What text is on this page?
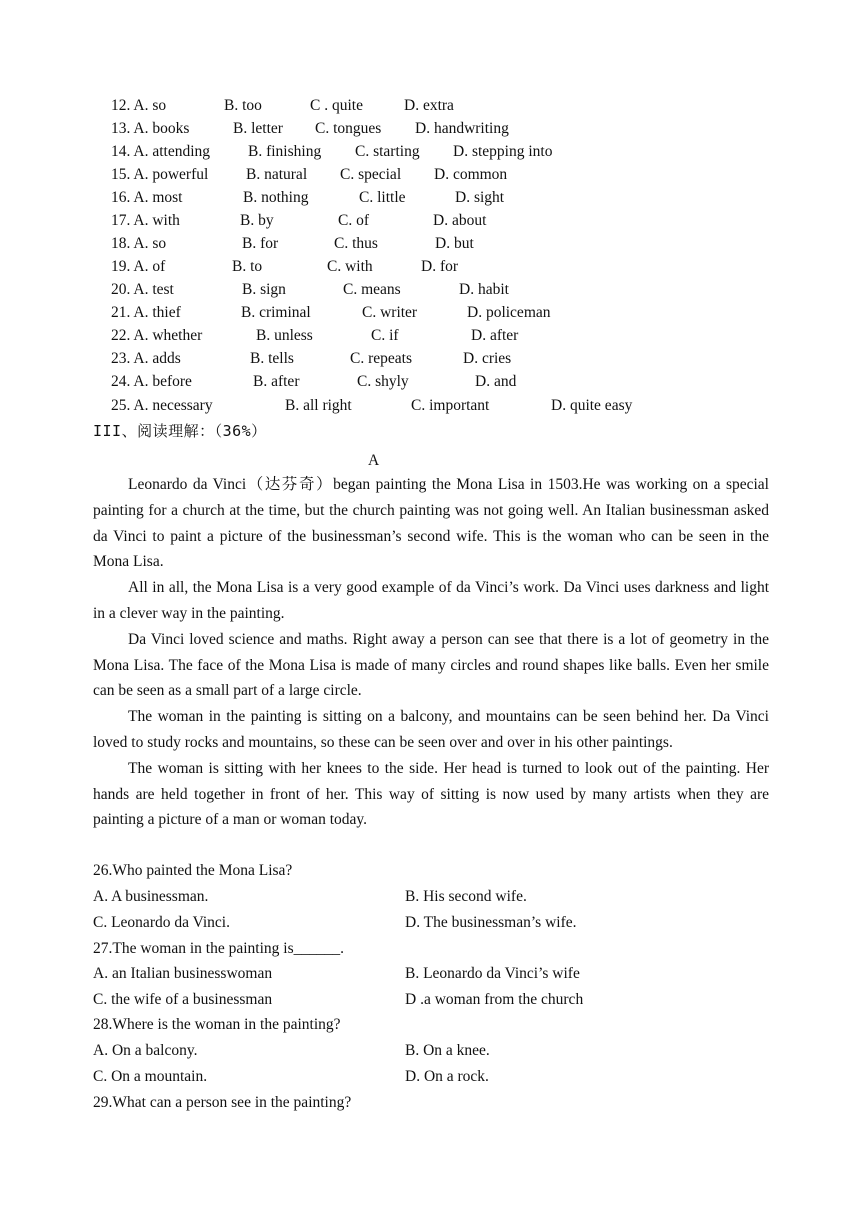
12. A. so	B. too	C . quite	D. extra
13. A. books	B. letter C. tongues D. handwriting
14. A. attending B. finishing C. starting D. stepping into
15. A. powerful B. natural C. special D. common
16. A. most	B. nothing	C. little	D. sight
17. A. with	B. by	C. of	D. about
18. A. so	B. for	C. thus	D. but
19. A. of	B. to	C. with	D. for
20. A. test	B. sign	C. means	D. habit
21. A. thief	B. criminal	C. writer	D. policeman
22. A. whether	B. unless	C. if	D. after
23. A. adds	B. tells	C. repeats	D. cries
24. A. before	B. after	C. shyly	D. and
25. A. necessary	B. all right	C. important	D. quite easy
III、阅读理解：（36%）
A

Leonardo da Vinci（达芬奇）began painting the Mona Lisa in 1503.He was working on a special painting for a church at the time, but the church painting was not going well. An Italian businessman asked da Vinci to paint a picture of the businessman’s second wife. This is the woman who can be seen in the Mona Lisa.

All in all, the Mona Lisa is a very good example of da Vinci’s work. Da Vinci uses darkness and light in a clever way in the painting.

Da Vinci loved science and maths. Right away a person can see that there is a lot of geometry in the Mona Lisa. The face of the Mona Lisa is made of many circles and round shapes like balls. Even her smile can be seen as a small part of a large circle.

The woman in the painting is sitting on a balcony, and mountains can be seen behind her. Da Vinci loved to study rocks and mountains, so these can be seen over and over in his other paintings.

The woman is sitting with her knees to the side. Her head is turned to look out of the painting. Her hands are held together in front of her. This way of sitting is now used by many artists when they are painting a picture of a man or woman today.

26.Who painted the Mona Lisa?
A. A businessman.	B. His second wife.
C. Leonardo da Vinci.	D. The businessman’s wife.
27.The woman in the painting is______.
A. an Italian businesswoman	B. Leonardo da Vinci’s wife
C. the wife of a businessman	D .a woman from the church
28.Where is the woman in the painting?
A. On a balcony.	B. On a knee.
C. On a mountain.	D. On a rock.
29.What can a person see in the painting?
